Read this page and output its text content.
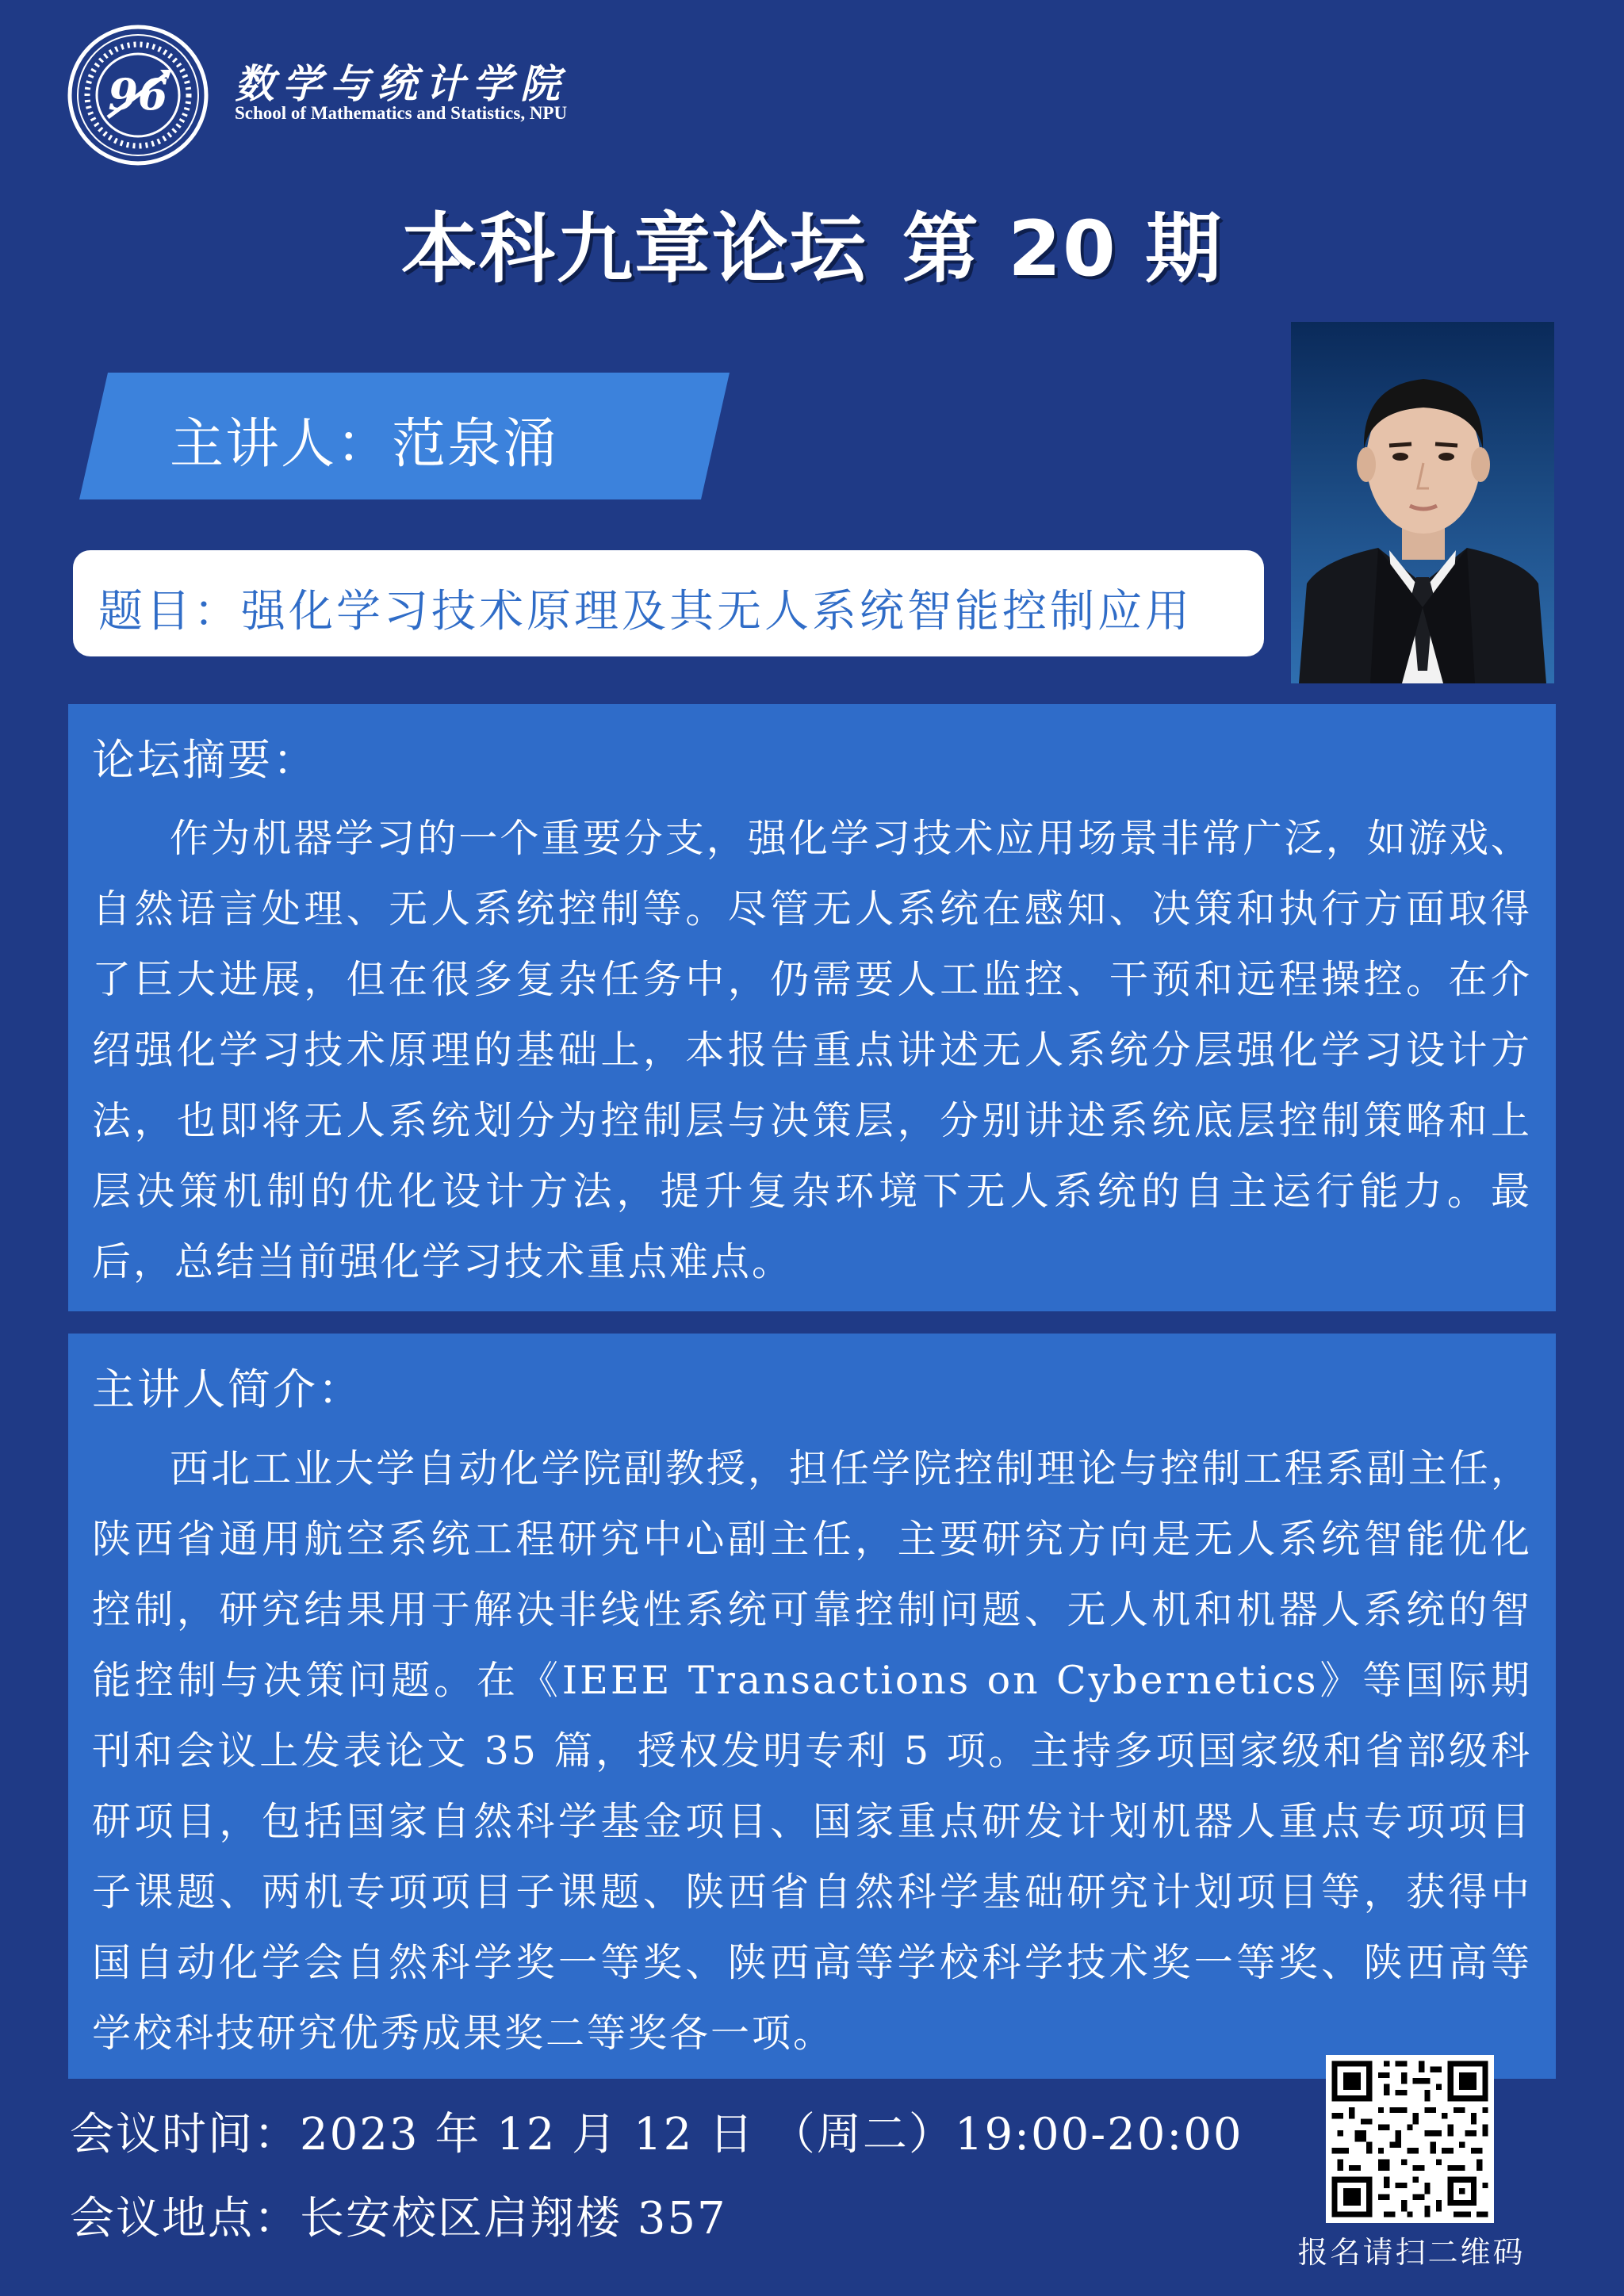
96 数学与统计学院
School of Mathematics and Statistics, NPU
本科九章论坛 第 20 期
主讲人：范泉涌
题目：强化学习技术原理及其无人系统智能控制应用
论坛摘要：
作为机器学习的一个重要分支，强化学习技术应用场景非常广泛，如游戏、自然语言处理、无人系统控制等。尽管无人系统在感知、决策和执行方面取得了巨大进展，但在很多复杂任务中，仍需要人工监控、干预和远程操控。在介绍强化学习技术原理的基础上，本报告重点讲述无人系统分层强化学习设计方法，也即将无人系统划分为控制层与决策层，分别讲述系统底层控制策略和上层决策机制的优化设计方法，提升复杂环境下无人系统的自主运行能力。最后，总结当前强化学习技术重点难点。
主讲人简介：
西北工业大学自动化学院副教授，担任学院控制理论与控制工程系副主任，陕西省通用航空系统工程研究中心副主任，主要研究方向是无人系统智能优化控制，研究结果用于解决非线性系统可靠控制问题、无人机和机器人系统的智能控制与决策问题。在《IEEE Transactions on Cybernetics》等国际期刊和会议上发表论文 35 篇，授权发明专利 5 项。主持多项国家级和省部级科研项目，包括国家自然科学基金项目、国家重点研发计划机器人重点专项项目子课题、两机专项项目子课题、陕西省自然科学基础研究计划项目等，获得中国自动化学会自然科学奖一等奖、陕西高等学校科学技术奖一等奖、陕西高等学校科技研究优秀成果奖二等奖各一项。
会议时间：2023 年 12 月 12 日 （周二）19:00-20:00
会议地点：长安校区启翔楼 357
报名请扫二维码
